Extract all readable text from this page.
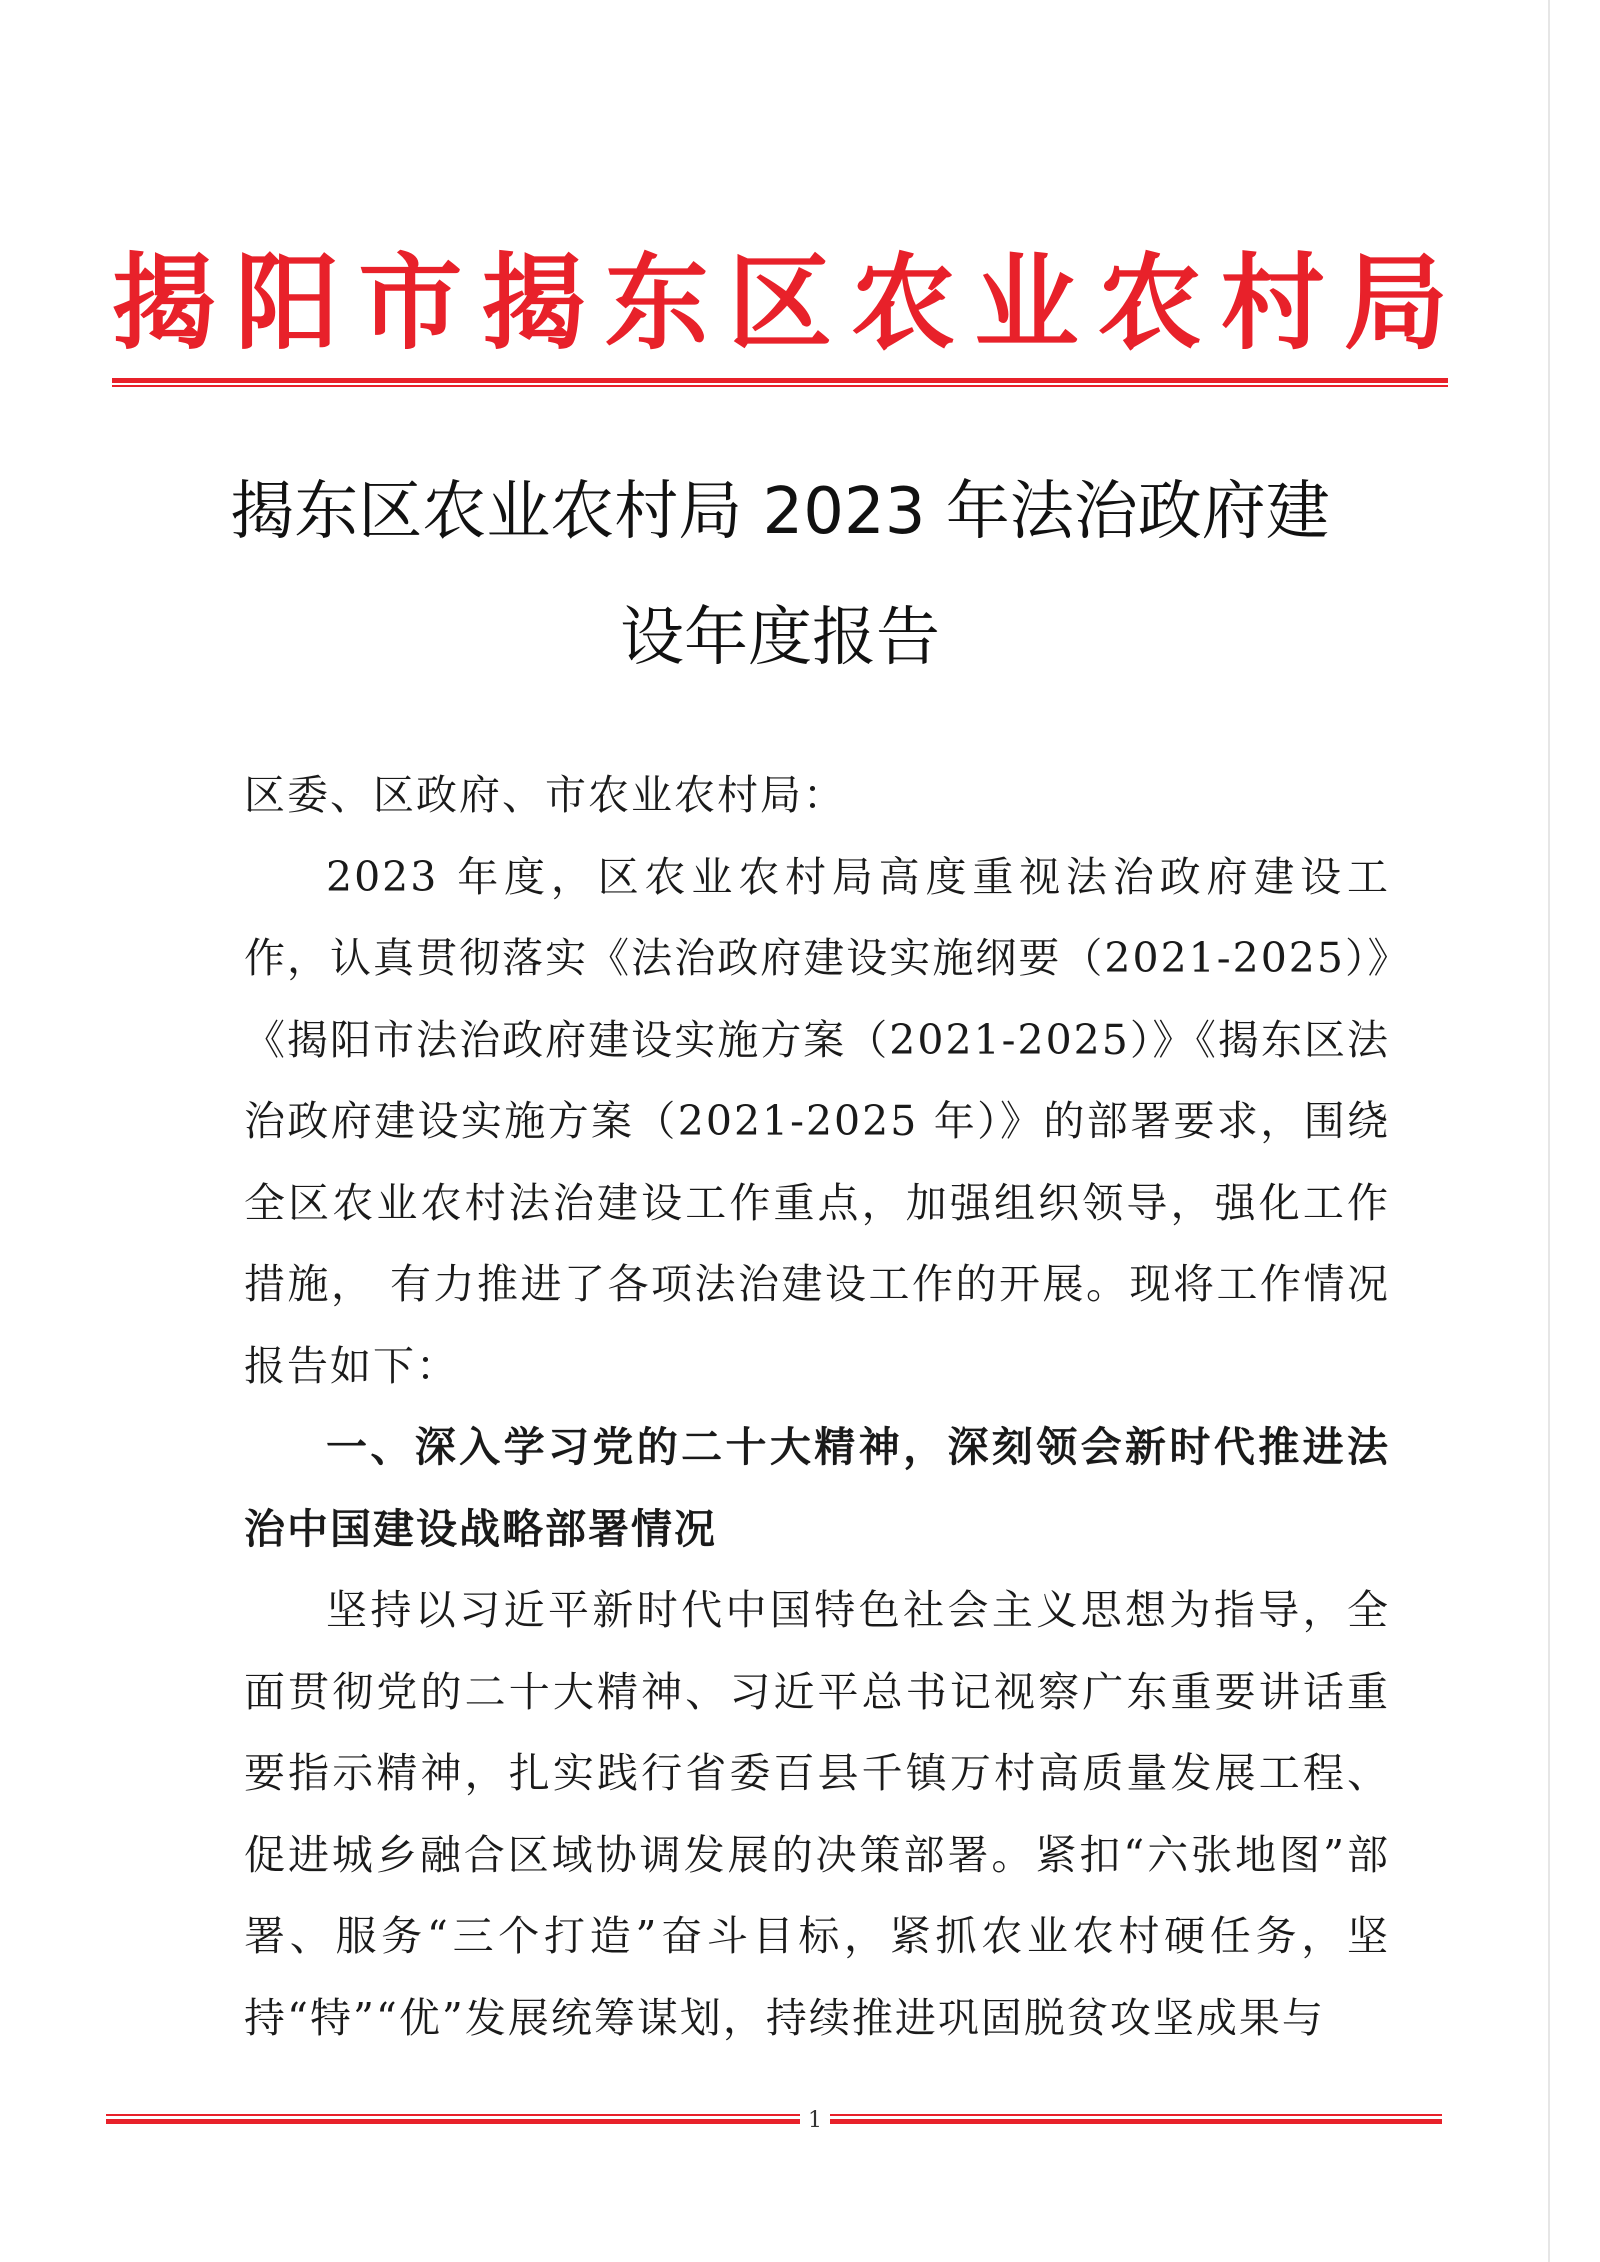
揭 阳 市 揭 东 区 农 业 农 村 局
揭东区农业农村局 2023 年法治政府建
设年度报告

区委、区政府、市农业农村局：

2023 年度，区农业农村局高度重视法治政府建设工作，认真贯彻落实《法治政府建设实施纲要（2021-2025）》《揭阳市法治政府建设实施方案（2021-2025）》《揭东区法治政府建设实施方案（2021-2025 年）》的部署要求，围绕全区农业农村法治建设工作重点，加强组织领导，强化工作措施， 有力推进了各项法治建设工作的开展。现将工作情况报告如下：

一、深入学习党的二十大精神，深刻领会新时代推进法治中国建设战略部署情况

坚持以习近平新时代中国特色社会主义思想为指导，全面贯彻党的二十大精神、习近平总书记视察广东重要讲话重要指示精神，扎实践行省委百县千镇万村高质量发展工程、促进城乡融合区域协调发展的决策部署。紧扣“六张地图”部署、服务“三个打造”奋斗目标，紧抓农业农村硬任务，坚持“特”“优”发展统筹谋划，持续推进巩固脱贫攻坚成果与

1
